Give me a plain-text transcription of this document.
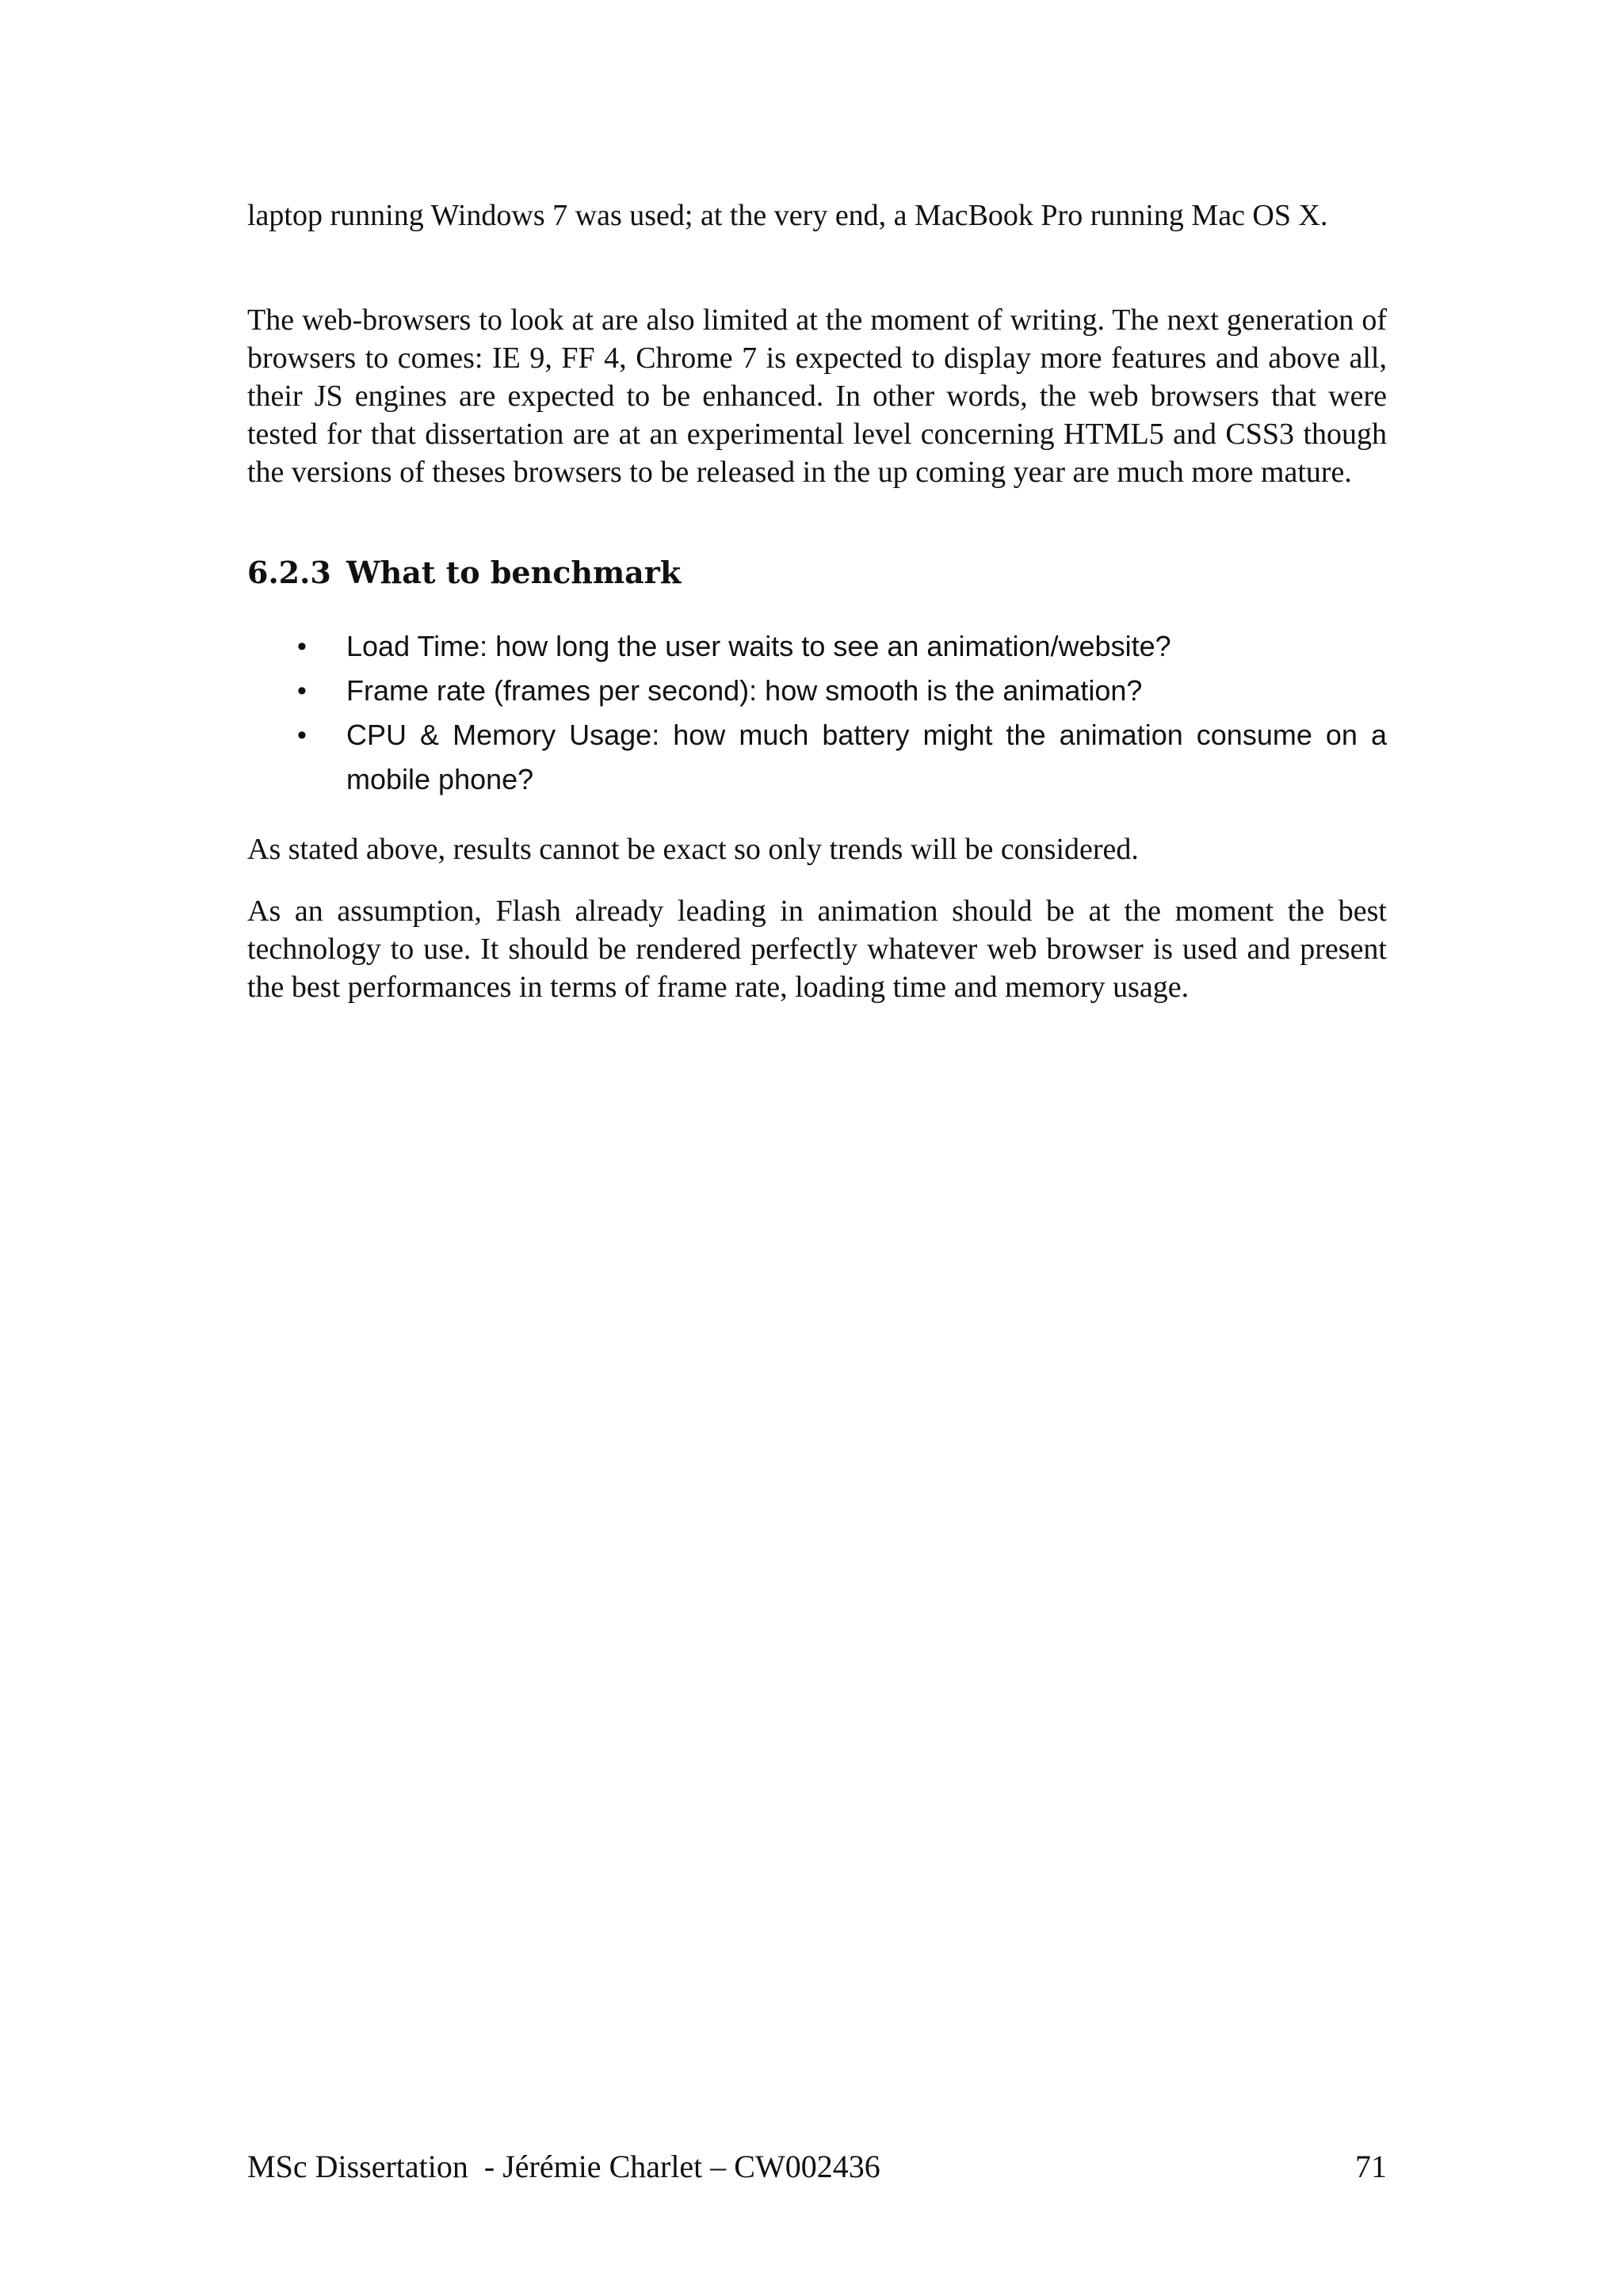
laptop running Windows 7 was used; at the very end, a MacBook Pro running Mac OS X.

The web-browsers to look at are also limited at the moment of writing. The next generation of browsers to comes: IE 9, FF 4, Chrome 7 is expected to display more features and above all, their JS engines are expected to be enhanced. In other words, the web browsers that were tested for that dissertation are at an experimental level concerning HTML5 and CSS3 though the versions of theses browsers to be released in the up coming year are much more mature.

6.2.3 What to benchmark
• Load Time: how long the user waits to see an animation/website?
• Frame rate (frames per second): how smooth is the animation?
• CPU & Memory Usage: how much battery might the animation consume on a mobile phone?

As stated above, results cannot be exact so only trends will be considered.

As an assumption, Flash already leading in animation should be at the moment the best technology to use. It should be rendered perfectly whatever web browser is used and present the best performances in terms of frame rate, loading time and memory usage.

MSc Dissertation  - Jérémie Charlet – CW002436	71
